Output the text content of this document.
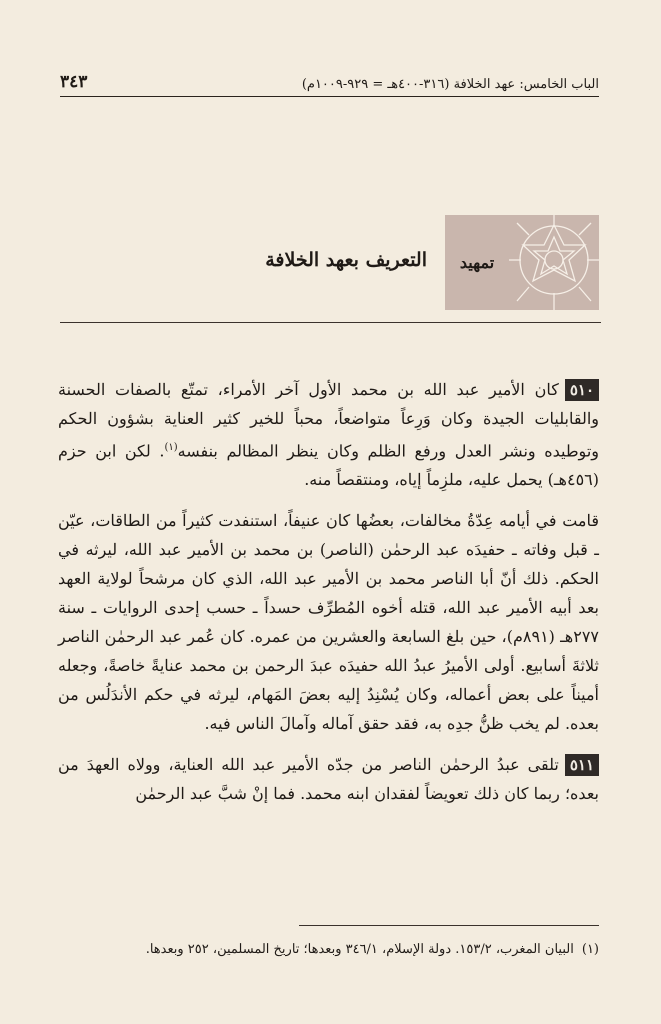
الباب الخامس: عهد الخلافة (٣١٦-٤٠٠هـ = ٩٢٩-١٠٠٩م)
٣٤٣
تمهيد
التعريف بعهد الخلافة

٥١٠كان الأمير عبد الله بن محمد الأول آخر الأمراء، تمتّع بالصفات الحسنة والقابليات الجيدة وكان وَرِعاً متواضعاً، محباً للخير كثير العناية بشؤون الحكم وتوطيده ونشر العدل ورفع الظلم وكان ينظر المظالم بنفسه$^{(١)}$. لكن ابن حزم (٤٥٦هـ) يحمل عليه، ملزِماً إياه، ومنتقصاً منه.

قامت في أيامه عِدّةُ مخالفات، بعضُها كان عنيفاً، استنفدت كثيراً من الطاقات، عيّن ـ قبل وفاته ـ حفيدَه عبد الرحمٰن (الناصر) بن محمد بن الأمير عبد الله، ليرثه في الحكم. ذلك أنّ أبا الناصر محمد بن الأمير عبد الله، الذي كان مرشحاً لولاية العهد بعد أبيه الأمير عبد الله، قتله أخوه المُطرِّف حسداً ـ حسب إحدى الروايات ـ سنة ٢٧٧هـ (٨٩١م)، حين بلغ السابعة والعشرين من عمره. كان عُمر عبد الرحمٰن الناصر ثلاثةَ أسابيع. أولى الأميرُ عبدُ الله حفيدَه عبدَ الرحمن بن محمد عنايةً خاصةً، وجعله أميناً على بعض أعماله، وكان يُسْنِدُ إليه بعضَ المَهام، ليرثه في حكم الأندَلُس من بعده. لم يخب ظنُّ جدِه به، فقد حقق آماله وآمالَ الناس فيه.

٥١١تلقى عبدُ الرحمٰن الناصر من جدّه الأمير عبد الله العناية، وولاه العهدَ من بعده؛ ربما كان ذلك تعويضاً لفقدان ابنه محمد. فما إنْ شبَّ عبد الرحمٰن

(١)البيان المغرب، ١٥٣/٢. دولة الإسلام، ٣٤٦/١ وبعدها؛ تاريخ المسلمين، ٢٥٢ وبعدها.
